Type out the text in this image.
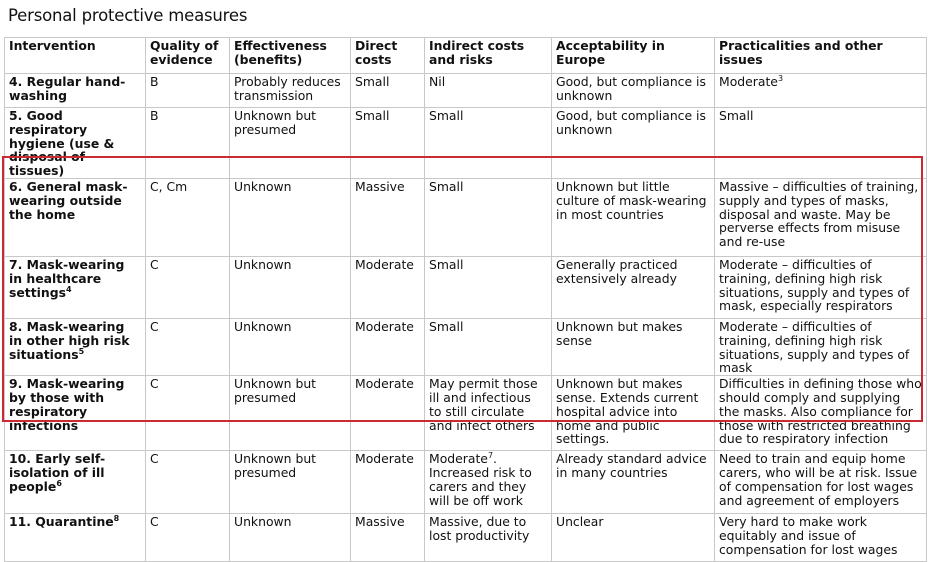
Personal protective measures
Intervention	Quality of evidence	Effectiveness (benefits)	Direct costs	Indirect costs and risks	Acceptability in Europe	Practicalities and other issues
4. Regular hand-washing	B	Probably reduces transmission	Small	Nil	Good, but compliance is unknown	Moderate$^3$
5. Good respiratory hygiene (use & disposal of tissues)	B	Unknown but presumed	Small	Small	Good, but compliance is unknown	Small
6. General mask-wearing outside the home	C, Cm	Unknown	Massive	Small	Unknown but little culture of mask-wearing in most countries	Massive – difficulties of training, supply and types of masks, disposal and waste. May be perverse effects from misuse and re-use
7. Mask-wearing in healthcare settings$^4$	C	Unknown	Moderate	Small	Generally practiced extensively already	Moderate – difficulties of training, defining high risk situations, supply and types of mask, especially respirators
8. Mask-wearing in other high risk situations$^5$	C	Unknown	Moderate	Small	Unknown but makes sense	Moderate – difficulties of training, defining high risk situations, supply and types of mask
9. Mask-wearing by those with respiratory infections	C	Unknown but presumed	Moderate	May permit those ill and infectious to still circulate and infect others	Unknown but makes sense. Extends current hospital advice into home and public settings.	Difficulties in defining those who should comply and supplying the masks. Also compliance for those with restricted breathing due to respiratory infection
10. Early self-isolation of ill people$^6$	C	Unknown but presumed	Moderate	Moderate$^7$. Increased risk to carers and they will be off work	Already standard advice in many countries	Need to train and equip home carers, who will be at risk. Issue of compensation for lost wages and agreement of employers
11. Quarantine$^8$	C	Unknown	Massive	Massive, due to lost productivity	Unclear	Very hard to make work equitably and issue of compensation for lost wages
